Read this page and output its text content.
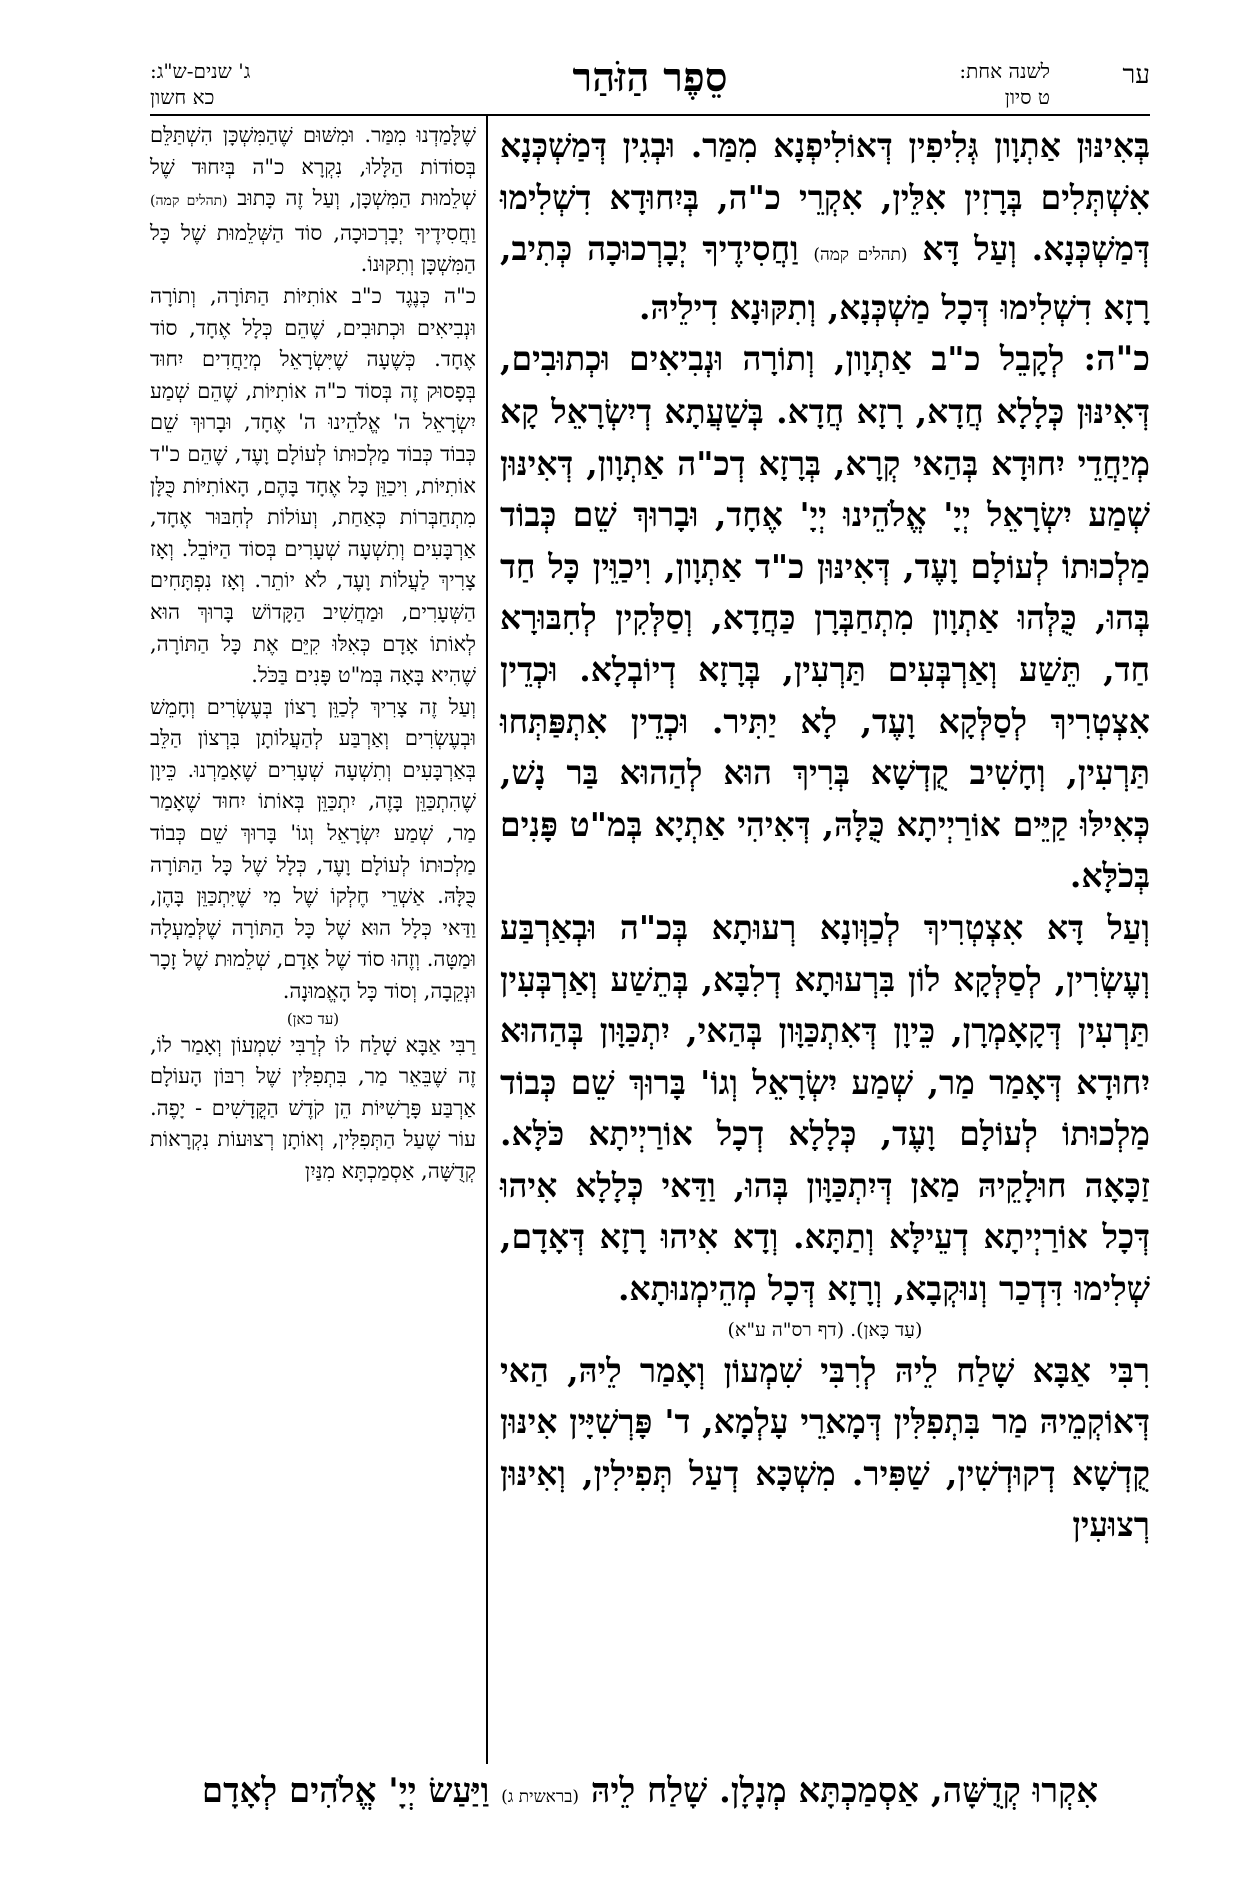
ער
לשנה אחת:
ט סיון
סֵפֶר הַזֹּהַר
ג' שנים-ש"ג:
כא חשון

בְּאִינּוּן אַתְוָון גְּלִיפִין דְּאוֹלִיפְנָא מִמַּר. וּבְגִין דְּמַשְׁכְּנָא אִשְׁתְּלִים בְּרָזִין אִלֵּין, אִקְרֵי כ"ה, בְּיִחוּדָא דִשְׁלִימוּ דְּמַשְׁכְּנָא. וְעַל דָּא (תהלים קמה) וַחֲסִידֶיךָ יְבָרְכוּכָה כְּתִיב, רָזָא דִשְׁלִימוּ דְּכָל מַשְׁכְּנָא, וְתִקּוּנָא דִילֵיהּ.

כ"ה: לְקָבֵל כ"ב אַתְוָון, וְתוֹרָה וּנְבִיאִים וּכְתוּבִים, דְּאִינּוּן כְּלָלָא חֲדָא, רָזָא חֲדָא. בְּשַׁעֲתָא דְיִשְׂרָאֵל קָא מְיַחֲדֵי יִחוּדָא בְּהַאי קְרָא, בְּרָזָא דְכ"ה אַתְוָון, דְּאִינּוּן שְׁמַע יִשְׂרָאֵל יְיָ' אֱלֹהֵינוּ יְיָ' אֶחָד, וּבָרוּךְ שֵׁם כְּבוֹד מַלְכוּתוֹ לְעוֹלָם וָעֶד, דְּאִינּוּן כ"ד אַתְוָון, וִיכַוֵּין כָּל חַד בְּהוּ, כֻּלְּהוּ אַתְוָון מִתְחַבְּרָן כַּחֲדָא, וְסַלְּקִין לְחִבּוּרָא חַד, תֵּשַׁע וְאַרְבְּעִים תַּרְעִין, בְּרָזָא דְיוֹבְלָא. וּכְדֵין אִצְטְרִיךְ לְסַלְּקָא וָעֶד, לָא יַתִּיר. וּכְדֵין אִתְפַּתְּחוּ תַּרְעִין, וְחָשִׁיב קֻדְשָׁא בְּרִיךְ הוּא לְהַהוּא בַּר נָשׁ, כְּאִילּוּ קַיֵּים אוֹרַיְיתָא כֻּלָּהּ, דְּאִיהִי אַתְיָא בְּמ"ט פָּנִים בְּכֹלָּא.

וְעַל דָּא אִצְטְרִיךְ לְכַוְּונָא רְעוּתָא בְּכ"ה וּבְאַרְבַּע וְעֶשְׂרִין, לְסַלְּקָא לוֹן בִּרְעוּתָא דְלִבָּא, בְּתֵשַׁע וְאַרְבְּעִין תַּרְעִין דְּקָאָמְרָן, כֵּיוָן דְּאִתְכַּוָּון בְּהַאי, יִתְכַּוָּון בְּהַהוּא יִחוּדָא דְּאָמַר מַר, שְׁמַע יִשְׂרָאֵל וְגוֹ' בָּרוּךְ שֵׁם כְּבוֹד מַלְכוּתוֹ לְעוֹלָם וָעֶד, כְּלָלָא דְכָל אוֹרַיְיתָא כֹּלָּא. זַכָּאָה חוּלָקֵיהּ מַאן דְּיִתְכַּוָּון בְּהוּ, וַדַּאי כְּלָלָא אִיהוּ דְּכָל אוֹרַיְיתָא דְעֵילָּא וְתַתָּא. וְדָא אִיהוּ רָזָא דְּאָדָם, שְׁלִימוּ דִּדְכַר וְנוּקְבָא, וְרָזָא דְּכָל מְהֵימְנוּתָא.
(עַד כָּאן). (דף רס"ה ע"א)

רִבִּי אַבָּא שָׁלַח לֵיהּ לְרִבִּי שִׁמְעוֹן וְאָמַר לֵיהּ, הַאי דְּאוֹקְמֵיהּ מַר בִּתְפִלִּין דְּמָארֵי עָלְמָא, ד' פָּרְשִׁיָּין אִינּוּן קֻדְשָׁא דְקוּדְשִׁין, שַׁפִּיר. מִשְׁכָּא דְעַל תְּפִילִין, וְאִינּוּן רְצוּעִין

שֶׁלָּמַדְנוּ מִמַּר. וּמִשּׁוּם שֶׁהַמִּשְׁכָּן הִשְׁתַּלֵּם בְּסוֹדוֹת הַלָּלוּ, נִקְרָא כ"ה בְּיִחוּד שֶׁל שְׁלֵמוּת הַמִּשְׁכָּן, וְעַל זֶה כָּתוּב (תהלים קמה) וַחֲסִידֶיךָ יְבָרְכוּכָה, סוֹד הַשְּׁלֵמוּת שֶׁל כָּל הַמִּשְׁכָּן וְתִקּוּנוֹ.

כ"ה כְּנֶגֶד כ"ב אוֹתִיּוֹת הַתּוֹרָה, וְתוֹרָה וּנְבִיאִים וּכְתוּבִים, שֶׁהֵם כְּלָל אֶחָד, סוֹד אֶחָד. כְּשֶׁעָה שֶׁיִּשְׂרָאֵל מְיַחֲדִים יִחוּד בְּפָסוּק זֶה בְּסוֹד כ"ה אוֹתִיּוֹת, שֶׁהֵם שְׁמַע יִשְׂרָאֵל ה' אֱלֹהֵינוּ ה' אֶחָד, וּבָרוּךְ שֵׁם כְּבוֹד כְּבוֹד מַלְכוּתוֹ לְעוֹלָם וָעֶד, שֶׁהֵם כ"ד אוֹתִיּוֹת, וִיכַוֵּן כָּל אֶחָד בָּהֶם, הָאוֹתִיּוֹת כֻּלָּן מִתְחַבְּרוֹת כְּאַחַת, וְעוֹלוֹת לְחִבּוּר אֶחָד, אַרְבָּעִים וְתִשְׁעָה שְׁעָרִים בְּסוֹד הַיּוֹבֵל. וְאָז צָרִיךְ לַעֲלוֹת וָעֶד, לֹא יוֹתֵר. וְאָז נִפְתָּחִים הַשְּׁעָרִים, וּמַחֲשִׁיב הַקָּדוֹשׁ בָּרוּךְ הוּא לְאוֹתוֹ אָדָם כְּאִלּוּ קִיֵּם אֶת כָּל הַתּוֹרָה, שֶׁהִיא בָּאָה בְּמ"ט פָּנִים בַּכֹּל.

וְעַל זֶה צָרִיךְ לְכַוֵּן רָצוֹן בְּעֶשְׂרִים וְחָמֵשׁ וּבְעֶשְׂרִים וְאַרְבַּע לְהַעֲלוֹתָן בִּרְצוֹן הַלֵּב בְּאַרְבָּעִים וְתִשְׁעָה שְׁעָרִים שֶׁאָמַרְנוּ. כֵּיוָן שֶׁהִתְכַּוֵּן בָּזֶה, יִתְכַּוֵּן בְּאוֹתוֹ יִחוּד שֶׁאָמַר מַר, שְׁמַע יִשְׂרָאֵל וְגוֹ' בָּרוּךְ שֵׁם כְּבוֹד מַלְכוּתוֹ לְעוֹלָם וָעֶד, כְּלָל שֶׁל כָּל הַתּוֹרָה כֻּלָּהּ. אַשְׁרֵי חֶלְקוֹ שֶׁל מִי שֶׁיִּתְכַּוֵּן בָּהֶן, וַדַּאי כְּלָל הוּא שֶׁל כָּל הַתּוֹרָה שֶׁלְּמַעְלָה וּמַטָּה. וְזֶהוּ סוֹד שֶׁל אָדָם, שְׁלֵמוּת שֶׁל זָכָר וּנְקֵבָה, וְסוֹד כָּל הָאֱמוּנָה.
(עד כאן)

רַבִּי אַבָּא שָׁלַח לוֹ לְרַבִּי שִׁמְעוֹן וְאָמַר לוֹ, זֶה שֶׁבֵּאֵר מַר, בִּתְפִלִּין שֶׁל רִבּוֹן הָעוֹלָם אַרְבַּע פָּרָשִׁיּוֹת הֵן קֹדֶשׁ הַקֳּדָשִׁים - יָפֶה. עוֹר שֶׁעַל הַתְּפִלִּין, וְאוֹתָן רְצוּעוֹת נִקְרָאוֹת קְדֻשָּׁה, אַסְמַכְתָּא מִנַּיִן

אִקְרוּ קְדֻשָּׁה, אַסְמַכְתָּא מְנָלָן. שָׁלַח לֵיהּ (בראשית ג) וַיַּעַשׂ יְיָ' אֱלֹהִים לְאָדָם
